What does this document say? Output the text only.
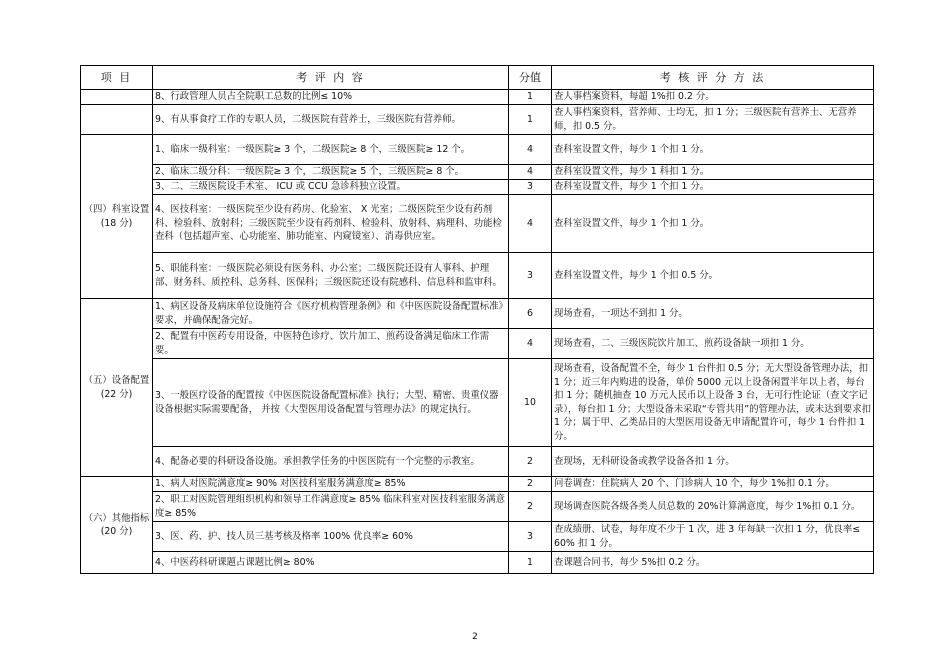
项 目	考 评 内 容	分值	考 核 评 分 方 法
	8、行政管理人员占全院职工总数的比例≤ 10%	1	查人事档案资料，每超 1%扣 0.2 分。
	9、有从事食疗工作的专职人员，二级医院有营养士，三级医院有营养师。	1	查人事档案资料，营养师、士均无，扣 1 分；三级医院有营养士、无营养师，扣 0.5 分。
（四）科室设置(18 分)	1、临床一级科室：一级医院≥ 3 个，二级医院≥ 8 个，三级医院≥ 12 个。	4	查科室设置文件，每少 1 个扣 1 分。
	2、临床二级分科：一级医院≥ 3 个，二级医院≥ 5 个，三级医院≥ 8 个。	4	查科室设置文件，每少 1 科扣 1 分。
	3、二、三级医院设手术室、 ICU 或 CCU 急诊科独立设置。	3	查科室设置文件，每少 1 个扣 1 分。
	4、医技科室：一级医院至少设有药房、化验室、 X 光室；二级医院至少设有药剂科、检验科、放射科；三级医院至少设有药剂科、检验科、放射科、病理科、功能检查科（包括超声室、心功能室、肺功能室、内窥镜室）、消毒供应室。	4	查科室设置文件，每少 1 个扣 1 分。
	5、职能科室：一级医院必须设有医务科、办公室；二级医院还设有人事科、护理部、财务科、质控科、总务科、医保科；三级医院还设有院感科、信息科和监审科。	3	查科室设置文件，每少 1 个扣 0.5 分。
（五）设备配置(22 分)	1、病区设备及病床单位设施符合《医疗机构管理条例》和《中医医院设备配置标准》要求，并确保配备完好。	6	现场查看，一项达不到扣 1 分。
	2、配置有中医药专用设备，中医特色诊疗、饮片加工、煎药设备满足临床工作需要。	4	现场查看，二、三级医院饮片加工、煎药设备缺一项扣 1 分。
	3、一般医疗设备的配置按《中医医院设备配置标准》执行；大型、精密、贵重仪器设备根据实际需要配备， 并按《大型医用设备配置与管理办法》的规定执行。	10	现场查看，设备配置不全，每少 1 台件扣 0.5 分；无大型设备管理办法，扣 1 分；近三年内购进的设备，单价 5000 元以上设备闲置半年以上者，每台扣 1 分；随机抽查 10 万元人民币以上设备 3 台，无可行性论证（查文字记录），每台扣 1 分；大型设备未采取“专管共用”的管理办法，或未达到要求扣 1 分；属于甲、乙类品目的大型医用设备无申请配置许可，每少 1 台件扣 1 分。
	4、配备必要的科研设备设施。承担教学任务的中医医院有一个完整的示教室。	2	查现场，无科研设备或教学设备各扣 1 分。
（六）其他指标(20 分)	1、病人对医院满意度≥ 90% 对医技科室服务满意度≥ 85%	2	问卷调查：住院病人 20 个、门诊病人 10 个，每少 1%扣 0.1 分。
	2、职工对医院管理组织机构和领导工作满意度≥ 85% 临床科室对医技科室服务满意度≥ 85%	2	现场调查医院各级各类人员总数的 20%计算满意度，每少 1%扣 0.1 分。
	3、医、药、护、技人员三基考核及格率 100% 优良率≥ 60%	3	查成绩册、试卷，每年度不少于 1 次，进 3 年每缺一次扣 1 分，优良率≤ 60% 扣 1 分。
	4、中医药科研课题占课题比例≥ 80%	1	查课题合同书，每少 5%扣 0.2 分。
2
